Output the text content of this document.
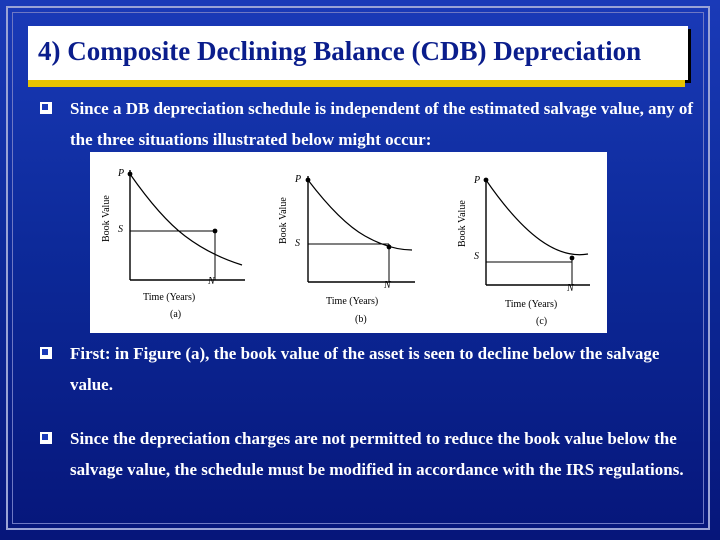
4) Composite Declining Balance (CDB) Depreciation
Since a DB depreciation schedule is independent of the estimated salvage value, any of the three situations illustrated below might occur:
P
S
N
Book Value
Time (Years)
(a)
P
S
N
Book Value
Time (Years)
(b)
P
S
N
Book Value
Time (Years)
(c)
First: in Figure (a), the book value of the asset is seen to decline below the salvage value.
Since the depreciation charges are not permitted to reduce the book value below the salvage value, the schedule must be modified in accordance with the IRS regulations.
